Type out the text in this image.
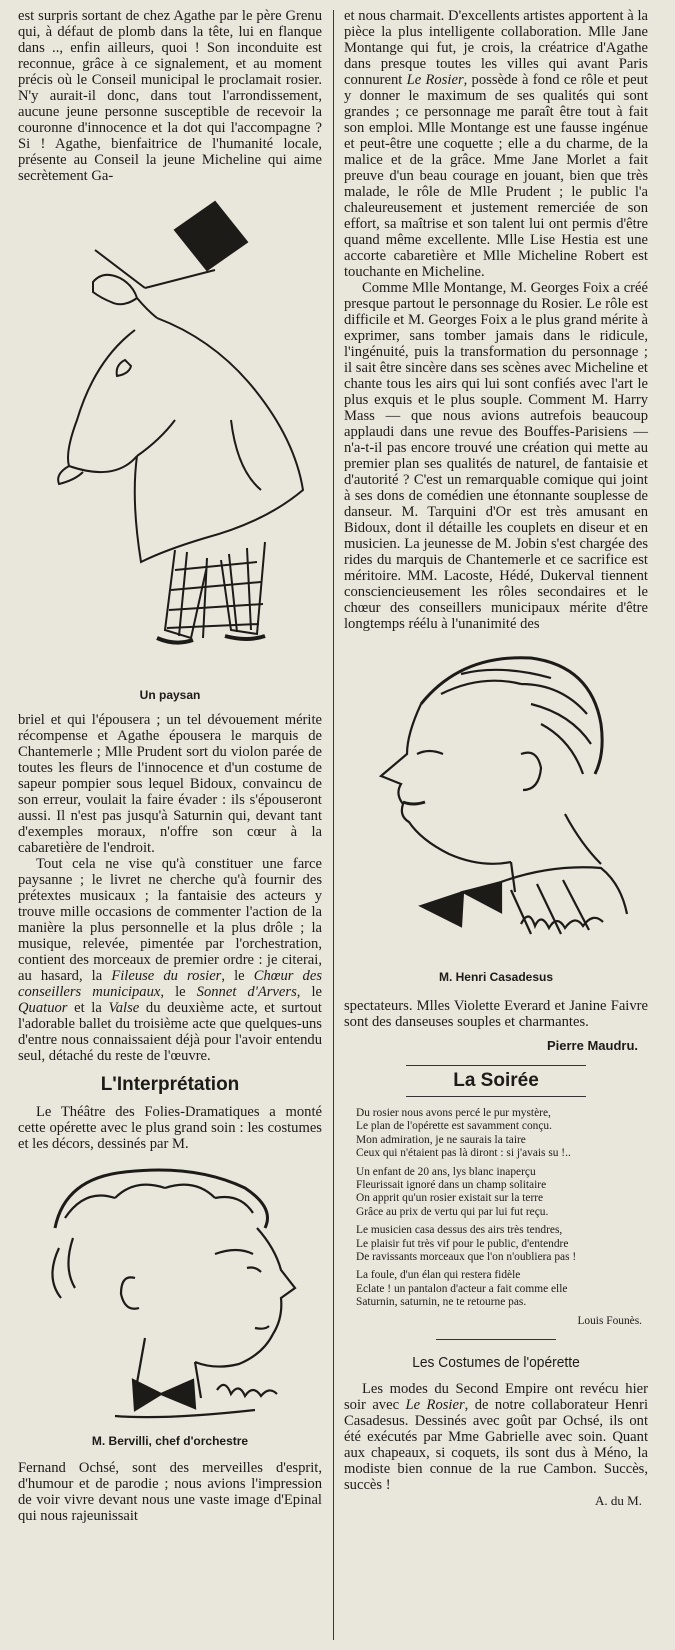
est surpris sortant de chez Agathe par le père Grenu qui, à défaut de plomb dans la tête, lui en flanque dans .., enfin ailleurs, quoi ! Son inconduite est reconnue, grâce à ce signalement, et au moment précis où le Conseil municipal le proclamait rosier. N'y aurait-il donc, dans tout l'arrondissement, aucune jeune personne susceptible de recevoir la couronne d'innocence et la dot qui l'accompagne ? Si ! Agathe, bienfaitrice de l'humanité locale, présente au Conseil la jeune Micheline qui aime secrètement Ga-

Un paysan

briel et qui l'épousera ; un tel dévouement mérite récompense et Agathe épousera le marquis de Chantemerle ; Mlle Prudent sort du violon parée de toutes les fleurs de l'innocence et d'un costume de sapeur pompier sous lequel Bidoux, convaincu de son erreur, voulait la faire évader : ils s'épouseront aussi. Il n'est pas jusqu'à Saturnin qui, devant tant d'exemples moraux, n'offre son cœur à la cabaretière de l'endroit.

Tout cela ne vise qu'à constituer une farce paysanne ; le livret ne cherche qu'à fournir des prétextes musicaux ; la fantaisie des acteurs y trouve mille occasions de commenter l'action de la manière la plus personnelle et la plus drôle ; la musique, relevée, pimentée par l'orchestration, contient des morceaux de premier ordre : je citerai, au hasard, la Fileuse du rosier, le Chœur des conseillers municipaux, le Sonnet d'Arvers, le Quatuor et la Valse du deuxième acte, et surtout l'adorable ballet du troisième acte que quelques-uns d'entre nous connaissaient déjà pour l'avoir entendu seul, détaché du reste de l'œuvre.

L'Interprétation

Le Théâtre des Folies-Dramatiques a monté cette opérette avec le plus grand soin : les costumes et les décors, dessinés par M.

M. Bervilli, chef d'orchestre

Fernand Ochsé, sont des merveilles d'esprit, d'humour et de parodie ; nous avions l'impression de voir vivre devant nous une vaste image d'Epinal qui nous rajeunissait

et nous charmait. D'excellents artistes apportent à la pièce la plus intelligente collaboration. Mlle Jane Montange qui fut, je crois, la créatrice d'Agathe dans presque toutes les villes qui avant Paris connurent Le Rosier, possède à fond ce rôle et peut y donner le maximum de ses qualités qui sont grandes ; ce personnage me paraît être tout à fait son emploi. Mlle Montange est une fausse ingénue et peut-être une coquette ; elle a du charme, de la malice et de la grâce. Mme Jane Morlet a fait preuve d'un beau courage en jouant, bien que très malade, le rôle de Mlle Prudent ; le public l'a chaleureusement et justement remerciée de son effort, sa maîtrise et son talent lui ont permis d'être quand même excellente. Mlle Lise Hestia est une accorte cabaretière et Mlle Micheline Robert est touchante en Micheline.

Comme Mlle Montange, M. Georges Foix a créé presque partout le personnage du Rosier. Le rôle est difficile et M. Georges Foix a le plus grand mérite à exprimer, sans tomber jamais dans le ridicule, l'ingénuité, puis la transformation du personnage ; il sait être sincère dans ses scènes avec Micheline et chante tous les airs qui lui sont confiés avec l'art le plus exquis et le plus souple. Comment M. Harry Mass — que nous avions autrefois beaucoup applaudi dans une revue des Bouffes-Parisiens — n'a-t-il pas encore trouvé une création qui mette au premier plan ses qualités de naturel, de fantaisie et d'autorité ? C'est un remarquable comique qui joint à ses dons de comédien une étonnante souplesse de danseur. M. Tarquini d'Or est très amusant en Bidoux, dont il détaille les couplets en diseur et en musicien. La jeunesse de M. Jobin s'est chargée des rides du marquis de Chantemerle et ce sacrifice est méritoire. MM. Lacoste, Hédé, Dukerval tiennent consciencieusement les rôles secondaires et le chœur des conseillers municipaux mérite d'être longtemps réélu à l'unanimité des

M. Henri Casadesus

spectateurs. Mlles Violette Everard et Janine Faivre sont des danseuses souples et charmantes.

Pierre Maudru.
La Soirée
Du rosier nous avons percé le pur mystère,
Le plan de l'opérette est savamment conçu.
Mon admiration, je ne saurais la taire
Ceux qui n'étaient pas là diront : si j'avais su !..
Un enfant de 20 ans, lys blanc inaperçu
Fleurissait ignoré dans un champ solitaire
On apprit qu'un rosier existait sur la terre
Grâce au prix de vertu qui par lui fut reçu.
Le musicien casa dessus des airs très tendres,
Le plaisir fut très vif pour le public, d'entendre
De ravissants morceaux que l'on n'oubliera pas !
La foule, d'un élan qui restera fidèle
Eclate ! un pantalon d'acteur a fait comme elle
Saturnin, saturnin, ne te retourne pas.
Louis Founès.
Les Costumes de l'opérette

Les modes du Second Empire ont revécu hier soir avec Le Rosier, de notre collaborateur Henri Casadesus. Dessinés avec goût par Ochsé, ils ont été exécutés par Mme Gabrielle avec soin. Quant aux chapeaux, si coquets, ils sont dus à Méno, la modiste bien connue de la rue Cambon. Succès, succès !

A. du M.
